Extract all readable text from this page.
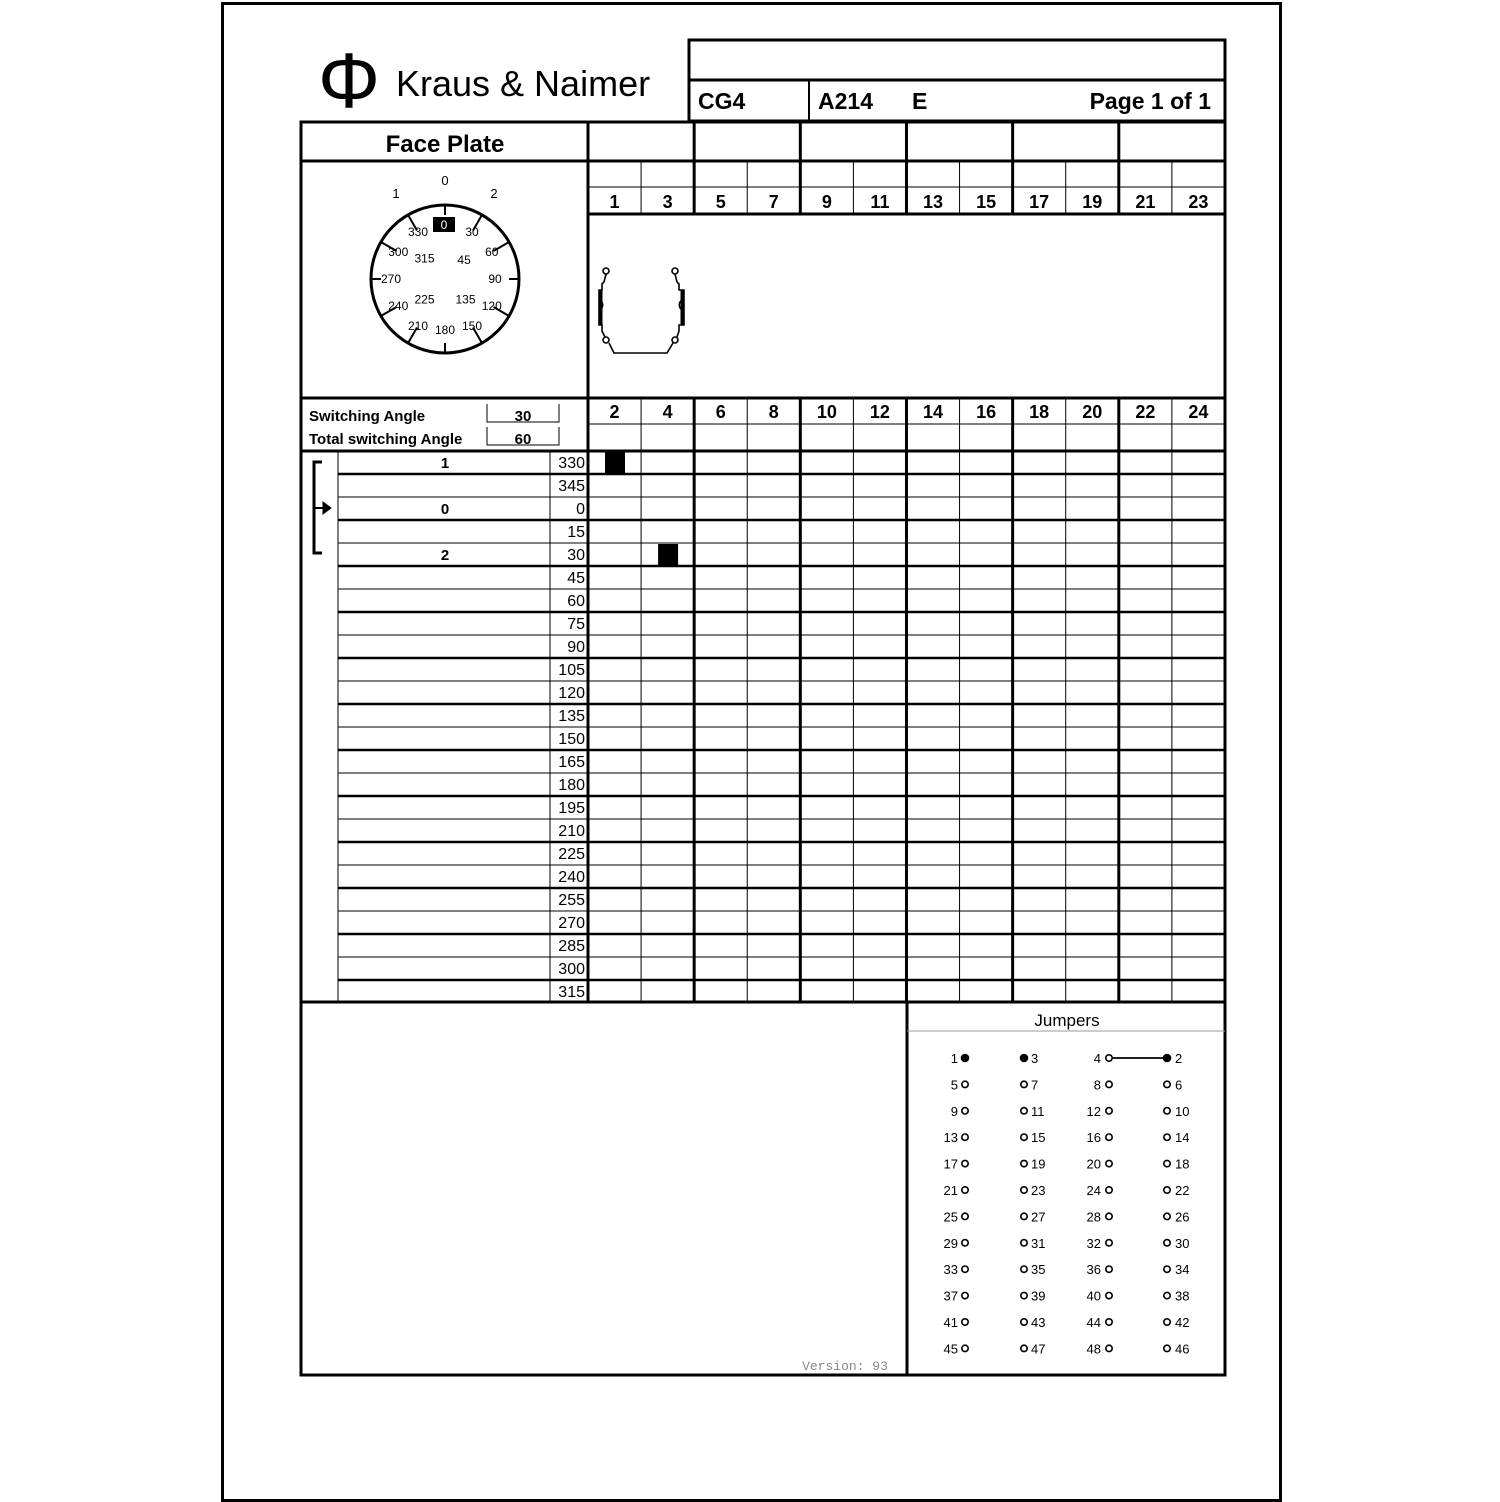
Φ Kraus & Naimer CG4	A214 E	Page 1 of 1
Face Plate
30
60
90
120
150
180
210
240
270
300
330
45
135
225
315
0
1
0
2
Switching Angle	30
Total switching Angle	60
1 3 5 7 9 11 13 15 17 19 21 23
2 4 6 8 10 12 14 16 18 20 22 24
1	330
345
0	0
15
2	30
45
60
75
90
105
120
135
150
165
180
195
210
225
240
255
270
285
300
315
Jumpers
1	3	4	2
5	7	8	6
9	11	12	10
13	15	16	14
17	19	20	18
21	23	24	22
25	27	28	26
29	31	32	30
33	35	36	34
37	39	40	38
41	43	44	42
45	47	48	46
Version: 93
